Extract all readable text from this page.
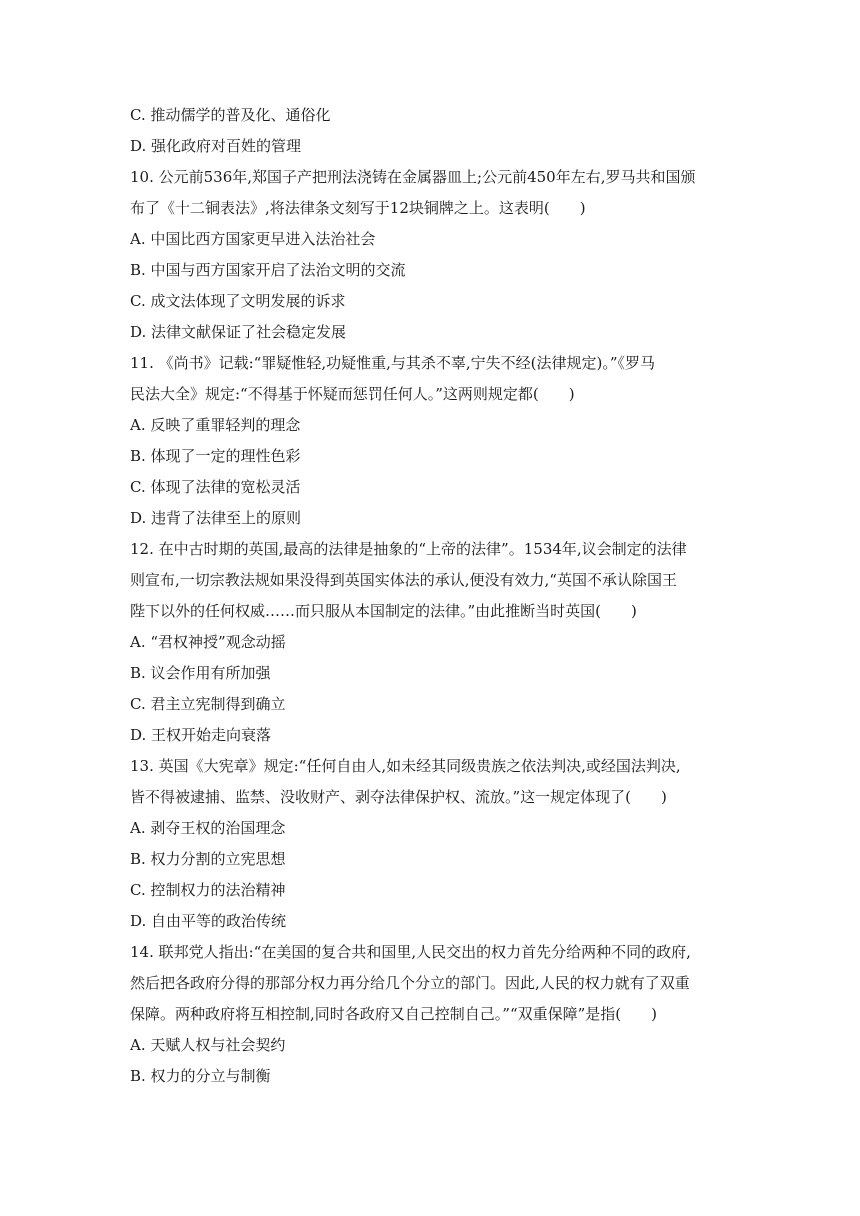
C. 推动儒学的普及化、通俗化
D. 强化政府对百姓的管理
10. 公元前536年,郑国子产把刑法浇铸在金属器皿上;公元前450年左右,罗马共和国颁
布了《十二铜表法》,将法律条文刻写于12块铜牌之上。这表明(　　)
A. 中国比西方国家更早进入法治社会
B. 中国与西方国家开启了法治文明的交流
C. 成文法体现了文明发展的诉求
D. 法律文献保证了社会稳定发展
11. 《尚书》记载:“罪疑惟轻,功疑惟重,与其杀不辜,宁失不经(法律规定)。”《罗马
民法大全》规定:“不得基于怀疑而惩罚任何人。”这两则规定都(　　)
A. 反映了重罪轻判的理念
B. 体现了一定的理性色彩
C. 体现了法律的宽松灵活
D. 违背了法律至上的原则
12. 在中古时期的英国,最高的法律是抽象的“上帝的法律”。1534年,议会制定的法律
则宣布,一切宗教法规如果没得到英国实体法的承认,便没有效力,“英国不承认除国王
陛下以外的任何权威……而只服从本国制定的法律。”由此推断当时英国(　　)
A. “君权神授”观念动摇
B. 议会作用有所加强
C. 君主立宪制得到确立
D. 王权开始走向衰落
13. 英国《大宪章》规定:“任何自由人,如未经其同级贵族之依法判决,或经国法判决,
皆不得被逮捕、监禁、没收财产、剥夺法律保护权、流放。”这一规定体现了(　　)
A. 剥夺王权的治国理念
B. 权力分割的立宪思想
C. 控制权力的法治精神
D. 自由平等的政治传统
14. 联邦党人指出:“在美国的复合共和国里,人民交出的权力首先分给两种不同的政府,
然后把各政府分得的那部分权力再分给几个分立的部门。因此,人民的权力就有了双重
保障。两种政府将互相控制,同时各政府又自己控制自己。”“双重保障”是指(　　)
A. 天赋人权与社会契约
B. 权力的分立与制衡
